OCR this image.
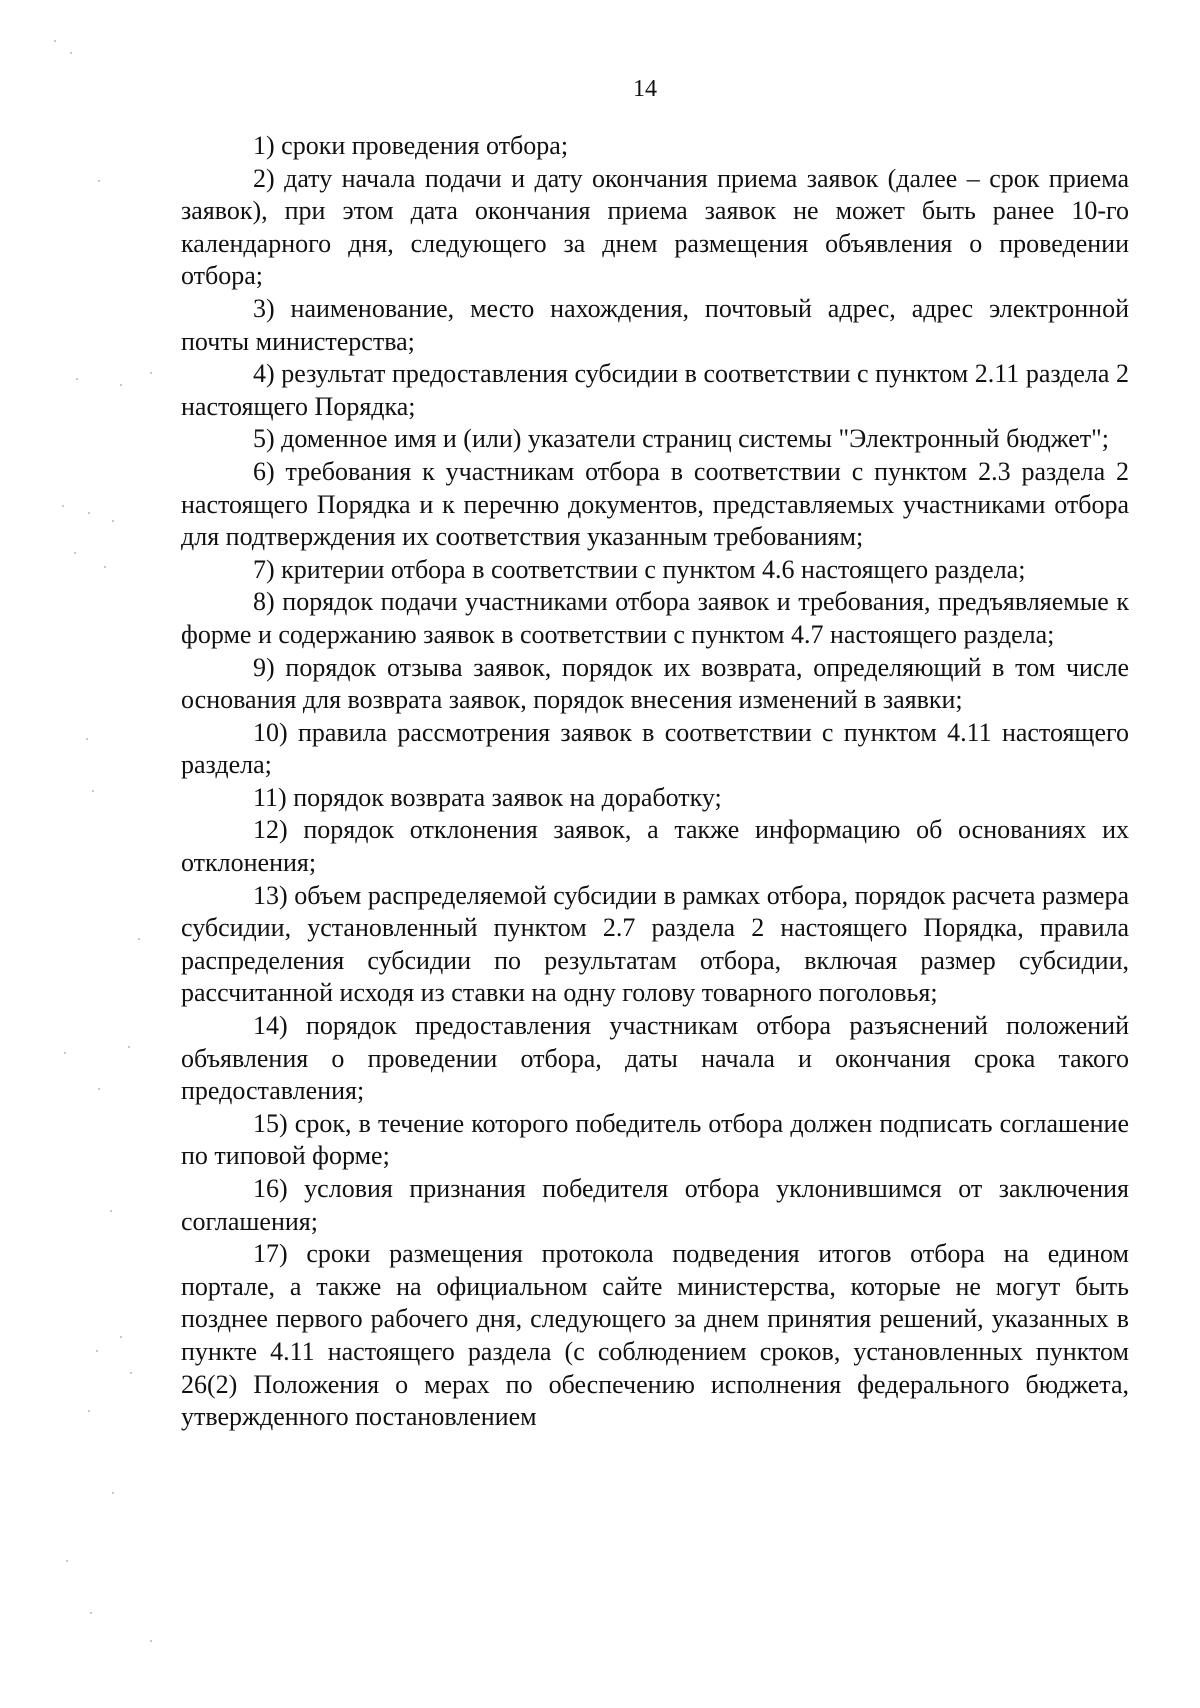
14

1) сроки проведения отбора;

2) дату начала подачи и дату окончания приема заявок (далее – срок приема заявок), при этом дата окончания приема заявок не может быть ранее 10-го календарного дня, следующего за днем размещения объявления о проведении отбора;

3) наименование, место нахождения, почтовый адрес, адрес электронной почты министерства;

4) результат предоставления субсидии в соответствии с пунктом 2.11 раздела 2 настоящего Порядка;

5) доменное имя и (или) указатели страниц системы "Электронный бюджет";

6) требования к участникам отбора в соответствии с пунктом 2.3 раздела 2 настоящего Порядка и к перечню документов, представляемых участниками отбора для подтверждения их соответствия указанным требованиям;

7) критерии отбора в соответствии с пунктом 4.6 настоящего раздела;

8) порядок подачи участниками отбора заявок и требования, предъявляемые к форме и содержанию заявок в соответствии с пунктом 4.7 настоящего раздела;

9) порядок отзыва заявок, порядок их возврата, определяющий в том числе основания для возврата заявок, порядок внесения изменений в заявки;

10) правила рассмотрения заявок в соответствии с пунктом 4.11 настоящего раздела;

11) порядок возврата заявок на доработку;

12) порядок отклонения заявок, а также информацию об основаниях их отклонения;

13) объем распределяемой субсидии в рамках отбора, порядок расчета размера субсидии, установленный пунктом 2.7 раздела 2 настоящего Порядка, правила распределения субсидии по результатам отбора, включая размер субсидии, рассчитанной исходя из ставки на одну голову товарного поголовья;

14) порядок предоставления участникам отбора разъяснений положений объявления о проведении отбора, даты начала и окончания срока такого предоставления;

15) срок, в течение которого победитель отбора должен подписать соглашение по типовой форме;

16) условия признания победителя отбора уклонившимся от заключения соглашения;

17) сроки размещения протокола подведения итогов отбора на едином портале, а также на официальном сайте министерства, которые не могут быть позднее первого рабочего дня, следующего за днем принятия решений, указанных в пункте 4.11 настоящего раздела (с соблюдением сроков, установленных пунктом 26(2) Положения о мерах по обеспечению исполнения федерального бюджета, утвержденного постановлением
